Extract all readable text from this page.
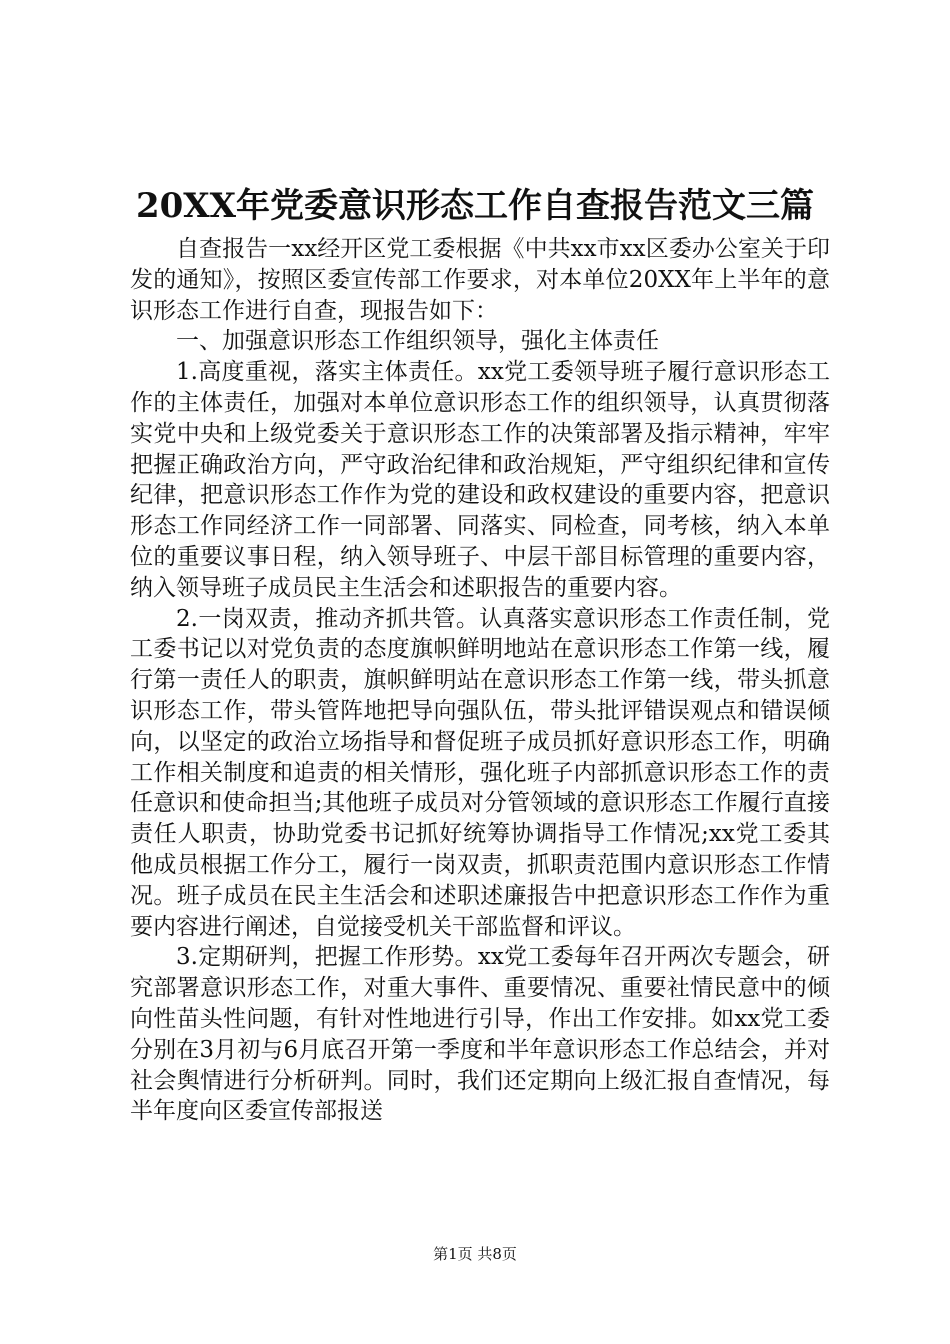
20XX年党委意识形态工作自查报告范文三篇

自查报告一xx经开区党工委根据《中共xx市xx区委办公室关于印发的通知》，按照区委宣传部工作要求，对本单位20XX年上半年的意识形态工作进行自查，现报告如下：

一、加强意识形态工作组织领导，强化主体责任

1.高度重视，落实主体责任。xx党工委领导班子履行意识形态工作的主体责任，加强对本单位意识形态工作的组织领导，认真贯彻落实党中央和上级党委关于意识形态工作的决策部署及指示精神，牢牢把握正确政治方向，严守政治纪律和政治规矩，严守组织纪律和宣传纪律，把意识形态工作作为党的建设和政权建设的重要内容，把意识形态工作同经济工作一同部署、同落实、同检查，同考核，纳入本单位的重要议事日程，纳入领导班子、中层干部目标管理的重要内容，纳入领导班子成员民主生活会和述职报告的重要内容。

2.一岗双责，推动齐抓共管。认真落实意识形态工作责任制，党工委书记以对党负责的态度旗帜鲜明地站在意识形态工作第一线，履行第一责任人的职责，旗帜鲜明站在意识形态工作第一线，带头抓意识形态工作，带头管阵地把导向强队伍，带头批评错误观点和错误倾向，以坚定的政治立场指导和督促班子成员抓好意识形态工作，明确工作相关制度和追责的相关情形，强化班子内部抓意识形态工作的责任意识和使命担当;其他班子成员对分管领域的意识形态工作履行直接责任人职责，协助党委书记抓好统筹协调指导工作情况;xx党工委其他成员根据工作分工，履行一岗双责，抓职责范围内意识形态工作情况。班子成员在民主生活会和述职述廉报告中把意识形态工作作为重要内容进行阐述，自觉接受机关干部监督和评议。

3.定期研判，把握工作形势。xx党工委每年召开两次专题会，研究部署意识形态工作，对重大事件、重要情况、重要社情民意中的倾向性苗头性问题，有针对性地进行引导，作出工作安排。如xx党工委分别在3月初与6月底召开第一季度和半年意识形态工作总结会，并对社会舆情进行分析研判。同时，我们还定期向上级汇报自查情况，每半年度向区委宣传部报送

第1页 共8页
